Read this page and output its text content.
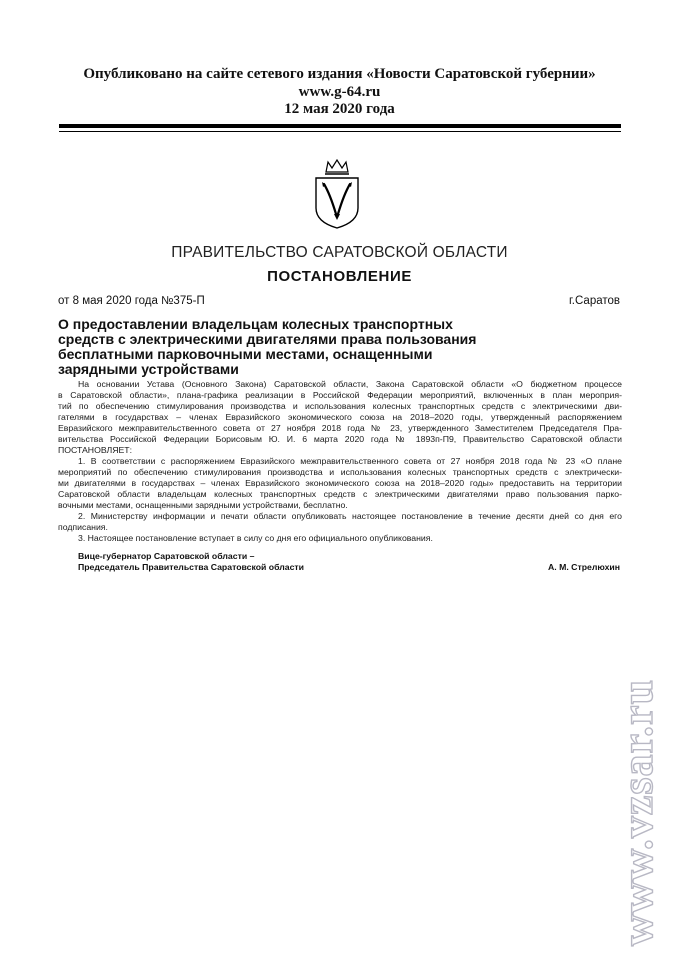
Опубликовано на сайте сетевого издания «Новости Саратовской губернии»
www.g-64.ru
12 мая 2020 года
ПРАВИТЕЛЬСТВО САРАТОВСКОЙ ОБЛАСТИ
ПОСТАНОВЛЕНИЕ
от 8 мая 2020 года №375-П	г.Саратов
О предоставлении владельцам колесных транспортных
средств с электрическими двигателями права пользования
бесплатными парковочными местами, оснащенными
зарядными устройствами
На основании Устава (Основного Закона) Саратовской области, Закона Саратовской области «О бюджетном процессе
в Саратовской области», плана-графика реализации в Российской Федерации мероприятий, включенных в план мероприя-
тий по обеспечению стимулирования производства и использования колесных транспортных средств с электрическими дви-
гателями в государствах – членах Евразийского экономического союза на 2018–2020 годы, утвержденный распоряжением
Евразийского межправительственного совета от 27 ноября 2018 года № 23, утвержденного Заместителем Председателя Пра-
вительства Российской Федерации Борисовым Ю. И. 6 марта 2020 года № 1893п-П9, Правительство Саратовской области
ПОСТАНОВЛЯЕТ:
1. В соответствии с распоряжением Евразийского межправительственного совета от 27 ноября 2018 года № 23 «О плане
мероприятий по обеспечению стимулирования производства и использования колесных транспортных средств с электрически-
ми двигателями в государствах – членах Евразийского экономического союза на 2018–2020 годы» предоставить на территории
Саратовской области владельцам колесных транспортных средств с электрическими двигателями право пользования парко-
вочными местами, оснащенными зарядными устройствами, бесплатно.
2. Министерству информации и печати области опубликовать настоящее постановление в течение десяти дней со дня его
подписания.
3. Настоящее постановление вступает в силу со дня его официального опубликования.
Вице-губернатор Саратовской области –
Председатель Правительства Саратовской области	А. М. Стрелюхин
www.vzsar.ru
